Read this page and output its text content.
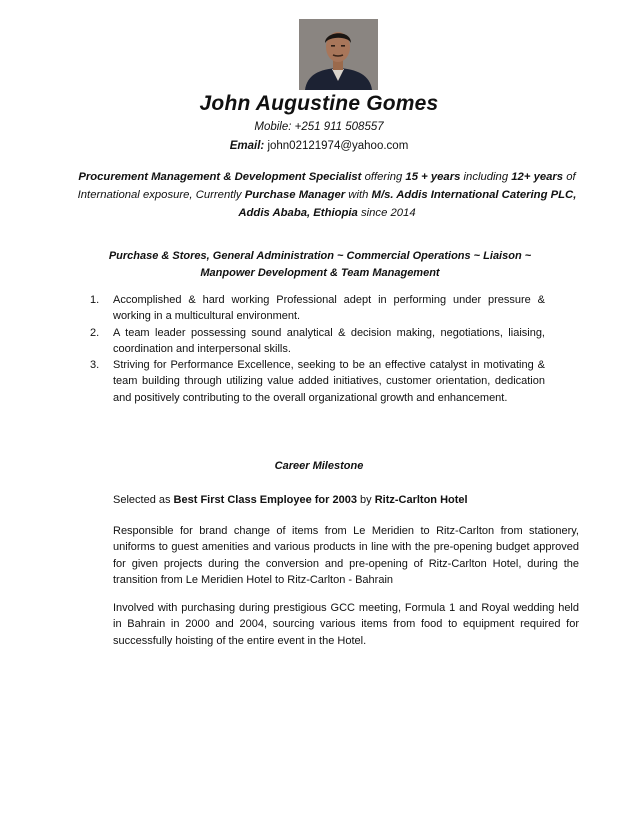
John Augustine Gomes
Mobile: +251 911 508557
Email: john02121974@yahoo.com
Procurement Management & Development Specialist offering 15 + years including 12+ years of International exposure, Currently Purchase Manager with M/s. Addis International Catering PLC, Addis Ababa, Ethiopia since 2014
Purchase & Stores, General Administration ~ Commercial Operations ~ Liaison ~
Manpower Development & Team Management
1. Accomplished & hard working Professional adept in performing under pressure & working in a multicultural environment.
2. A team leader possessing sound analytical & decision making, negotiations, liaising, coordination and interpersonal skills.
3. Striving for Performance Excellence, seeking to be an effective catalyst in motivating & team building through utilizing value added initiatives, customer orientation, dedication and positively contributing to the overall organizational growth and enhancement.
Career Milestone

Selected as Best First Class Employee for 2003 by Ritz-Carlton Hotel

Responsible for brand change of items from Le Meridien to Ritz-Carlton from stationery, uniforms to guest amenities and various products in line with the pre-opening budget approved for given projects during the conversion and pre-opening of Ritz-Carlton Hotel, during the transition from Le Meridien Hotel to Ritz-Carlton - Bahrain

Involved with purchasing during prestigious GCC meeting, Formula 1 and Royal wedding held in Bahrain in 2000 and 2004, sourcing various items from food to equipment required for successfully hoisting of the entire event in the Hotel.
